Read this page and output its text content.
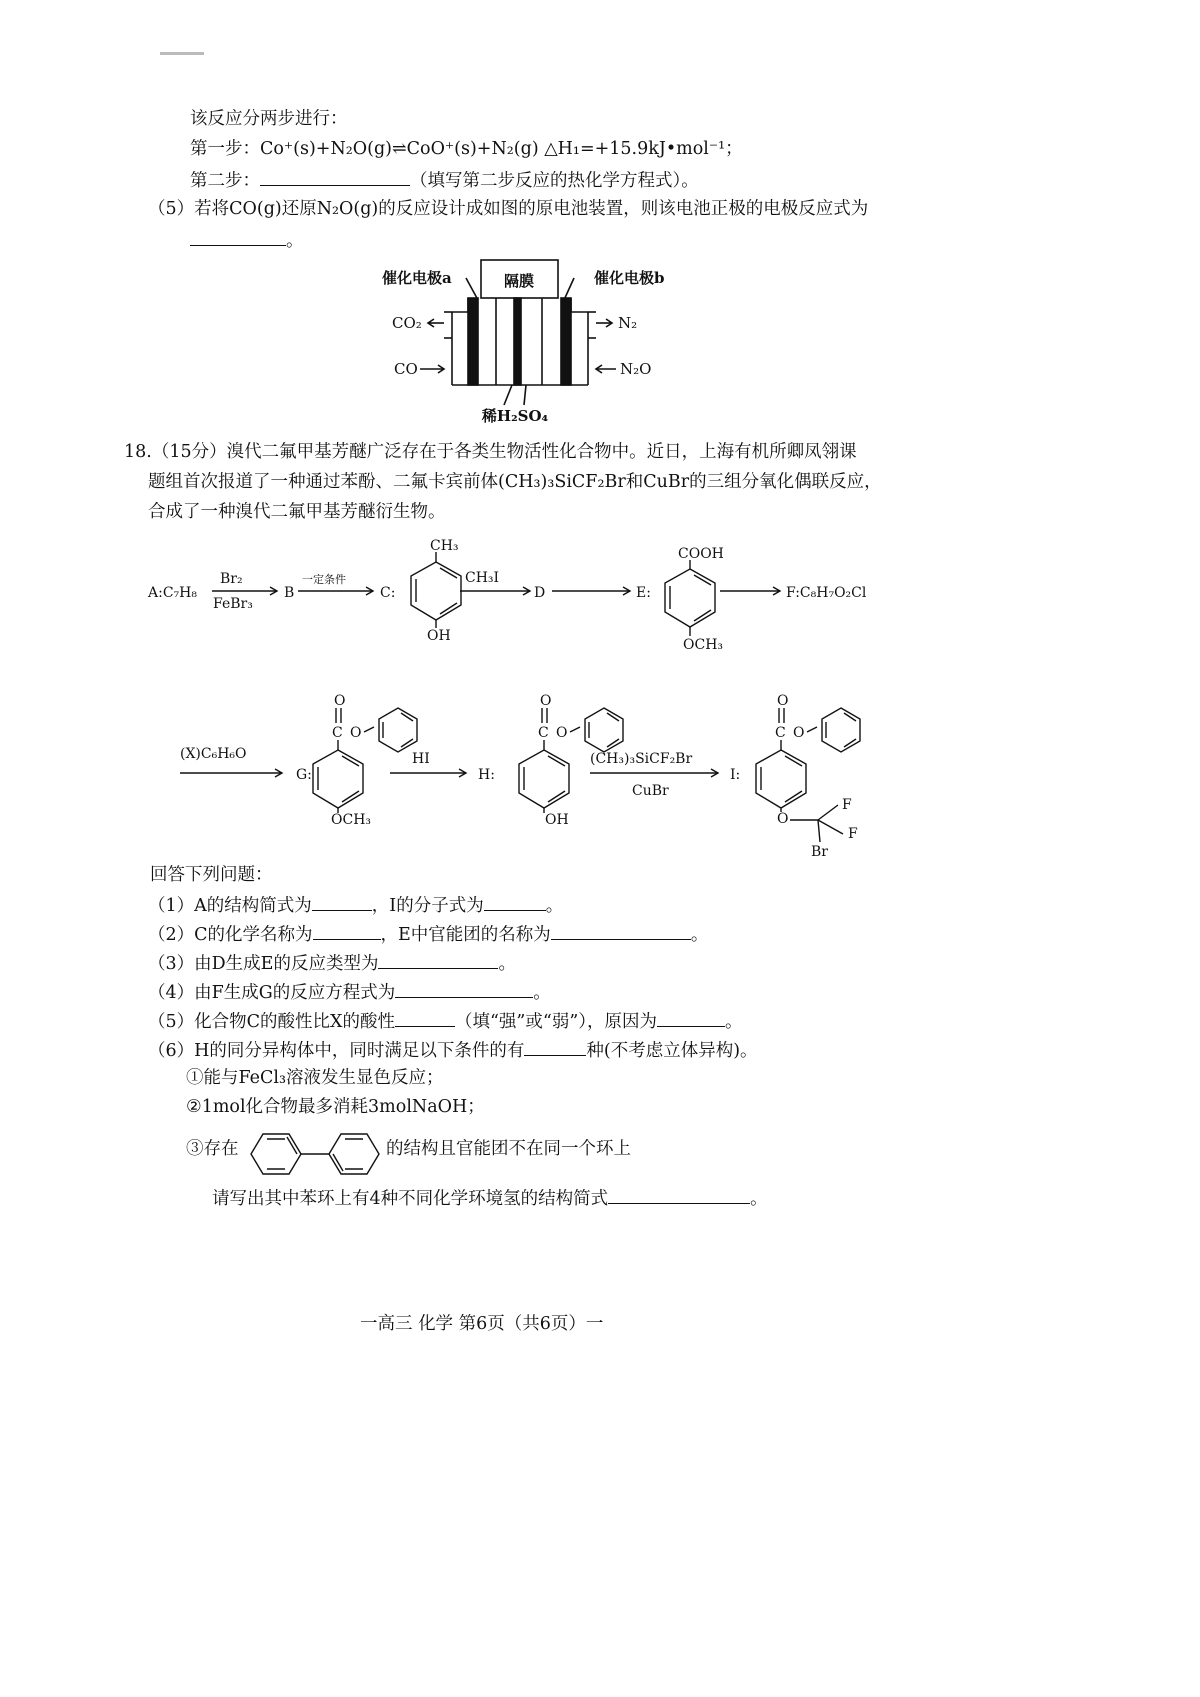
该反应分两步进行：
第一步：Co⁺(s)+N₂O(g)⇌CoO⁺(s)+N₂(g) △H₁=+15.9kJ•mol⁻¹；
第二步：	（填写第二步反应的热化学方程式）。
（5）若将CO(g)还原N₂O(g)的反应设计成如图的原电池装置，则该电池正极的电极反应式为
。
隔膜
催化电极a	催化电极b
CO₂
CO
N₂
N₂O
稀H₂SO₄
18.（15分）溴代二氟甲基芳醚广泛存在于各类生物活性化合物中。近日，上海有机所卿凤翎课
题组首次报道了一种通过苯酚、二氟卡宾前体(CH₃)₃SiCF₂Br和CuBr的三组分氧化偶联反应，
合成了一种溴代二氟甲基芳醚衍生物。
A:C₇H₈
Br₂
FeBr₃
B
一定条件
C:
CH₃
OH
CH₃I
D	E:
COOH
OCH₃
F:C₈H₇O₂Cl
(X)C₆H₆O
G:
O
C O
OCH₃
HI
H:
O
C O
OH
(CH₃)₃SiCF₂Br
CuBr
I:
O
C O
O
F
F
Br
回答下列问题：
（1）A的结构简式为	，I的分子式为	。
（2）C的化学名称为	，E中官能团的名称为	。
（3）由D生成E的反应类型为	。
（4）由F生成G的反应方程式为	。
（5）化合物C的酸性比X的酸性	（填“强”或“弱”），原因为	。
（6）H的同分异构体中，同时满足以下条件的有	种(不考虑立体异构)。
①能与FeCl₃溶液发生显色反应；
②1mol化合物最多消耗3molNaOH；
③存在	的结构且官能团不在同一个环上
请写出其中苯环上有4种不同化学环境氢的结构简式	。
一高三 化学 第6页（共6页）一
